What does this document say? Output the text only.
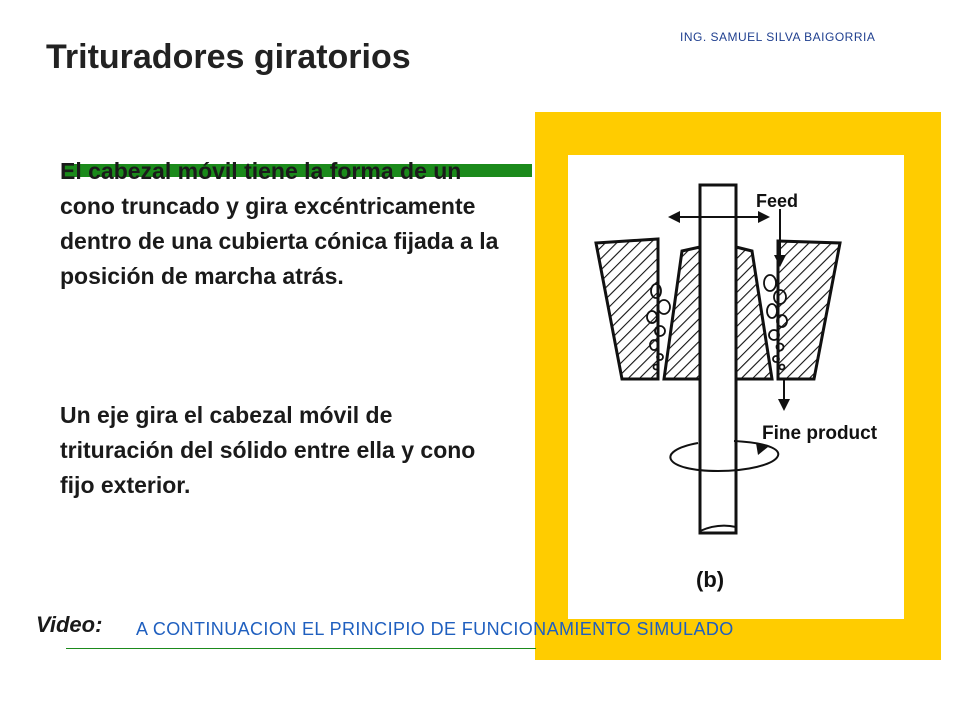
ING. SAMUEL SILVA BAIGORRIA
Trituradores giratorios

El cabezal móvil tiene la forma de un cono truncado y gira excéntricamente dentro de una cubierta cónica fijada a la posición de marcha atrás.

Un eje gira el cabezal móvil de trituración del sólido entre ella y cono fijo exterior.

Feed
Fine product
(b)
Video: A CONTINUACION EL PRINCIPIO DE FUNCIONAMIENTO SIMULADO
